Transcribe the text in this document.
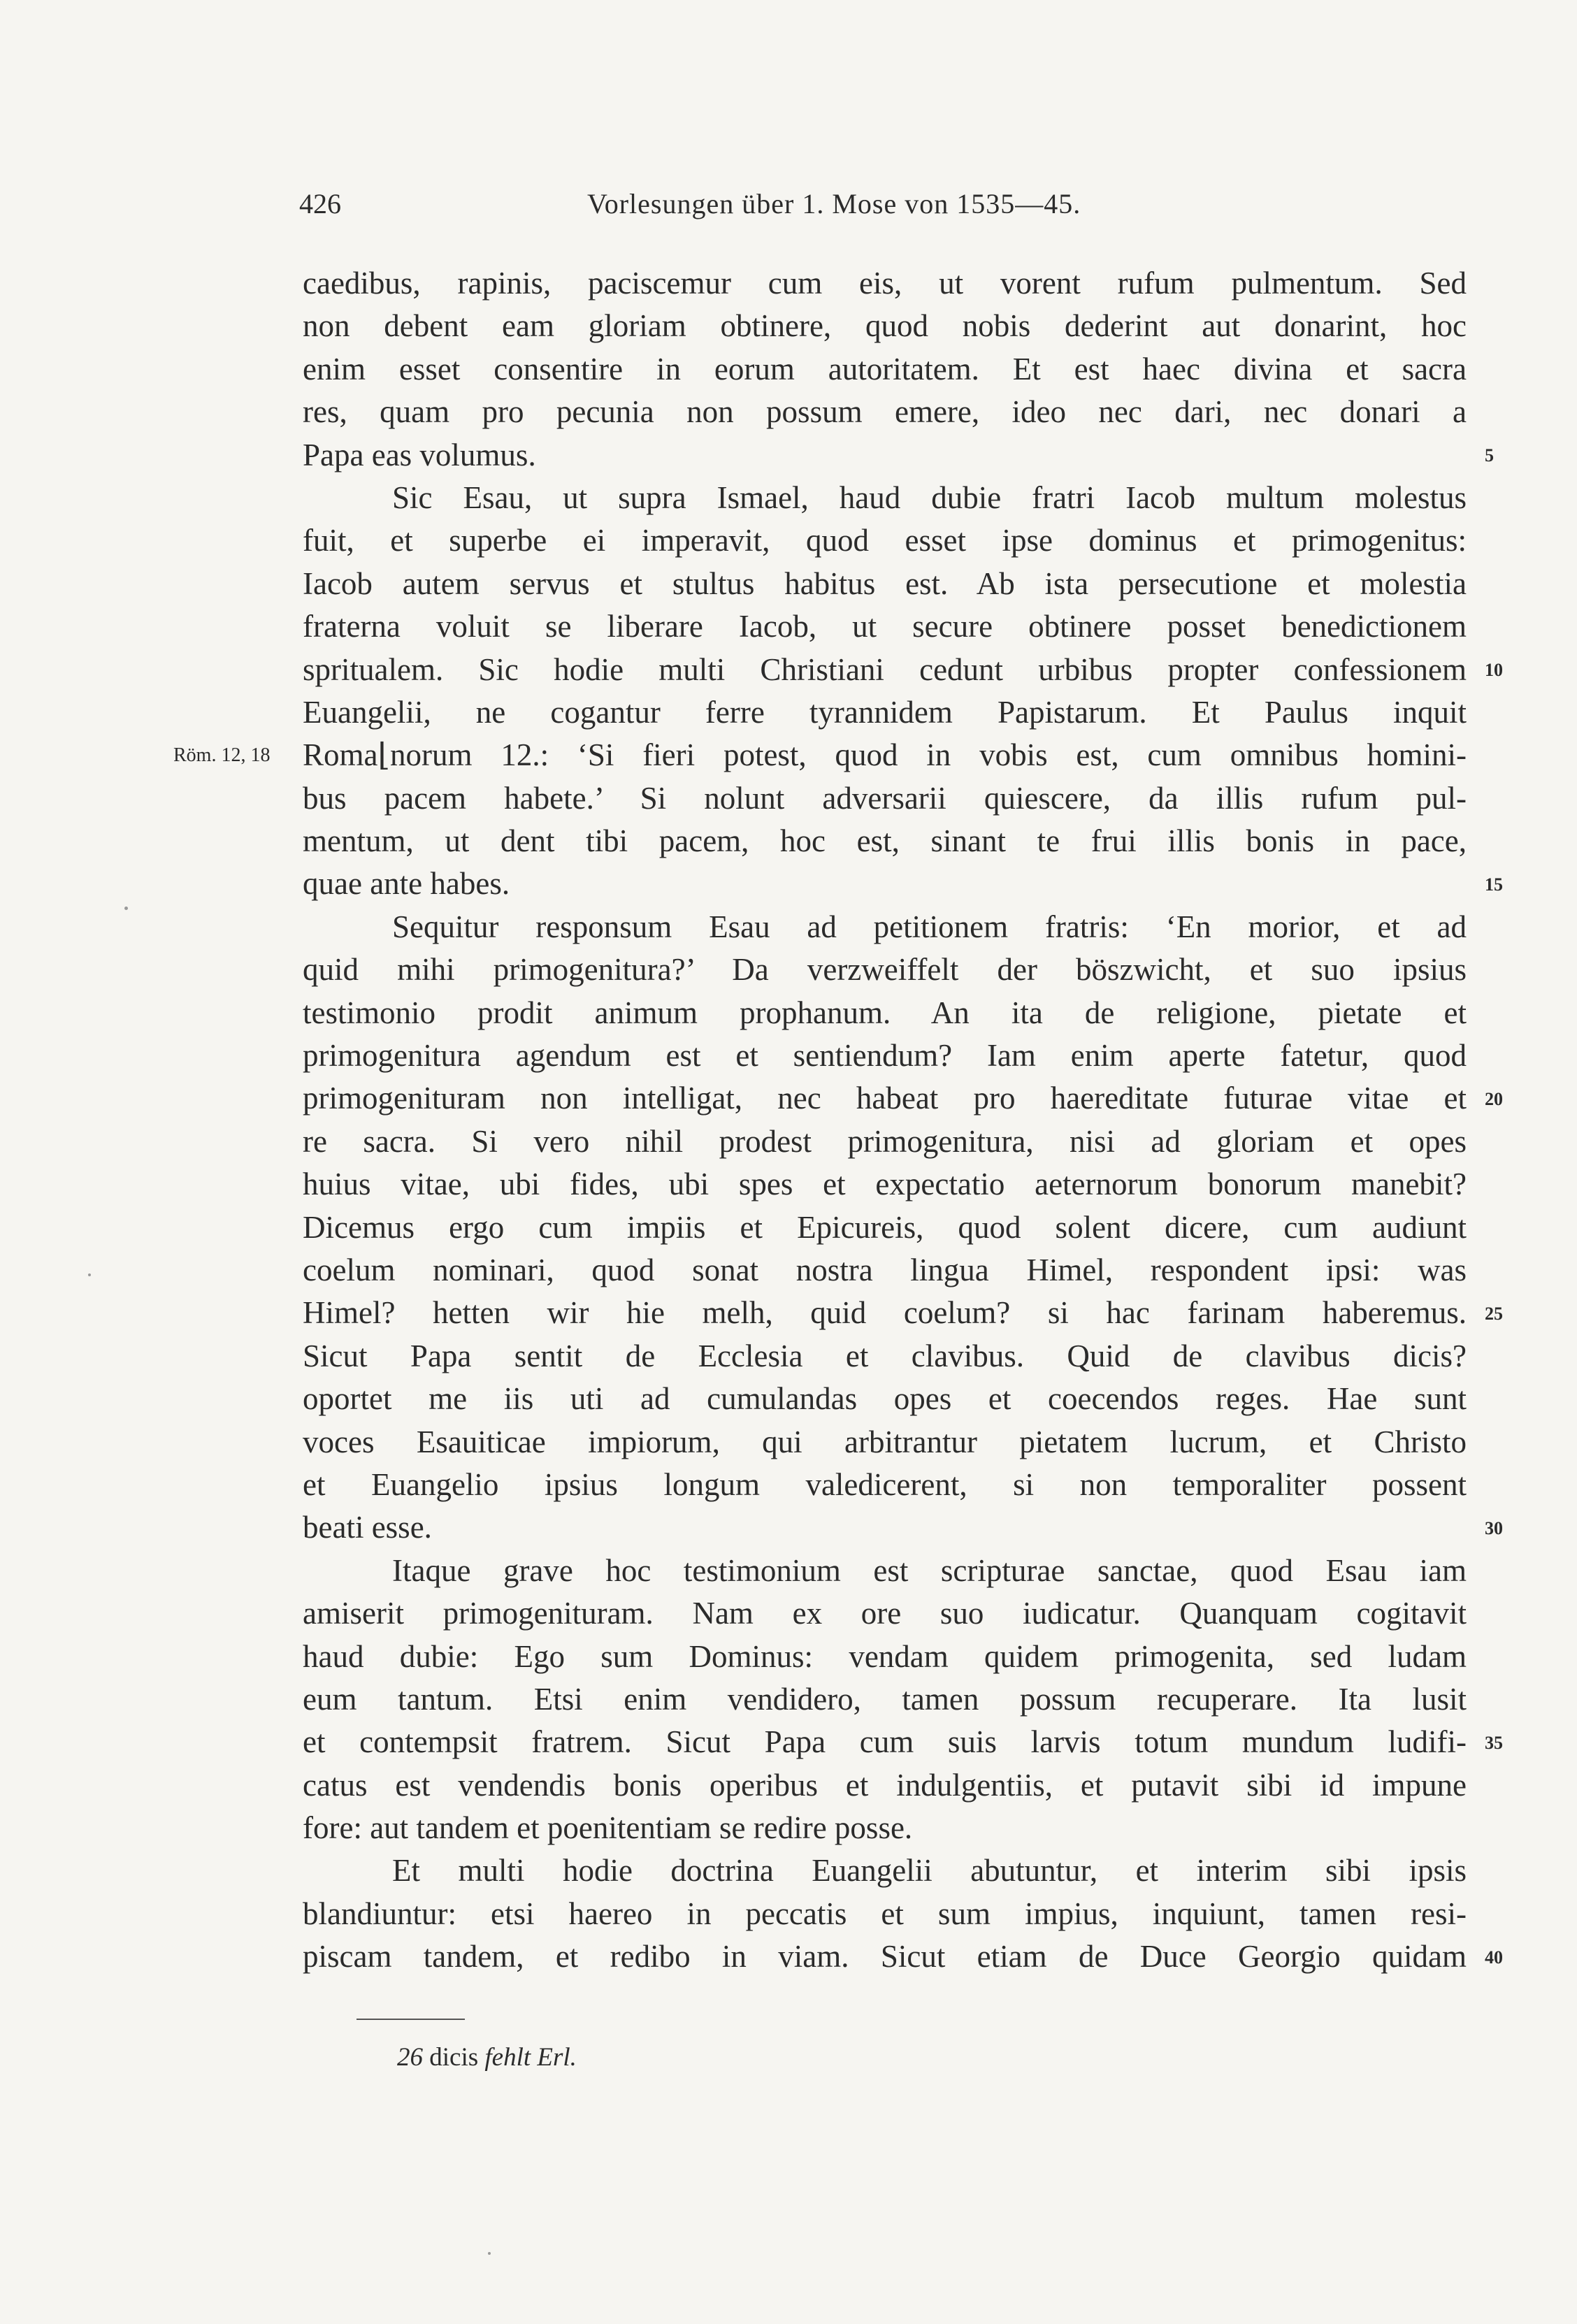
426	Vorlesungen über 1. Mose von 1535—45.
Röm. 12, 18
caedibus, rapinis, paciscemur cum eis, ut vorent rufum pulmentum. Sed
non debent eam gloriam obtinere, quod nobis dederint aut donarint, hoc
enim esset consentire in eorum autoritatem. Et est haec divina et sacra
res, quam pro pecunia non possum emere, ideo nec dari, nec donari a
Papa eas volumus.
Sic Esau, ut supra Ismael, haud dubie fratri Iacob multum molestus
fuit, et superbe ei imperavit, quod esset ipse dominus et primogenitus:
Iacob autem servus et stultus habitus est. Ab ista persecutione et molestia
fraterna voluit se liberare Iacob, ut secure obtinere posset benedictionem
spritualem. Sic hodie multi Christiani cedunt urbibus propter confessionem
Euangelii, ne cogantur ferre tyrannidem Papistarum. Et Paulus inquit
Roma⌊norum 12.: ‘Si fieri potest, quod in vobis est, cum omnibus homini-
bus pacem habete.’ Si nolunt adversarii quiescere, da illis rufum pul-
mentum, ut dent tibi pacem, hoc est, sinant te frui illis bonis in pace,
quae ante habes.
Sequitur responsum Esau ad petitionem fratris: ‘En morior, et ad
quid mihi primogenitura?’ Da verzweiffelt der böszwicht, et suo ipsius
testimonio prodit animum prophanum. An ita de religione, pietate et
primogenitura agendum est et sentiendum? Iam enim aperte fatetur, quod
primogenituram non intelligat, nec habeat pro haereditate futurae vitae et
re sacra. Si vero nihil prodest primogenitura, nisi ad gloriam et opes
huius vitae, ubi fides, ubi spes et expectatio aeternorum bonorum manebit?
Dicemus ergo cum impiis et Epicureis, quod solent dicere, cum audiunt
coelum nominari, quod sonat nostra lingua Himel, respondent ipsi: was
Himel? hetten wir hie melh, quid coelum? si hac farinam haberemus.
Sicut Papa sentit de Ecclesia et clavibus. Quid de clavibus dicis?
oportet me iis uti ad cumulandas opes et coecendos reges. Hae sunt
voces Esauiticae impiorum, qui arbitrantur pietatem lucrum, et Christo
et Euangelio ipsius longum valedicerent, si non temporaliter possent
beati esse.
Itaque grave hoc testimonium est scripturae sanctae, quod Esau iam
amiserit primogenituram. Nam ex ore suo iudicatur. Quanquam cogitavit
haud dubie: Ego sum Dominus: vendam quidem primogenita, sed ludam
eum tantum. Etsi enim vendidero, tamen possum recuperare. Ita lusit
et contempsit fratrem. Sicut Papa cum suis larvis totum mundum ludifi-
catus est vendendis bonis operibus et indulgentiis, et putavit sibi id impune
fore: aut tandem et poenitentiam se redire posse.
Et multi hodie doctrina Euangelii abutuntur, et interim sibi ipsis
blandiuntur: etsi haereo in peccatis et sum impius, inquiunt, tamen resi-
piscam tandem, et redibo in viam. Sicut etiam de Duce Georgio quidam
5
10
15
20
25
30
35
40
26 dicis fehlt Erl.
